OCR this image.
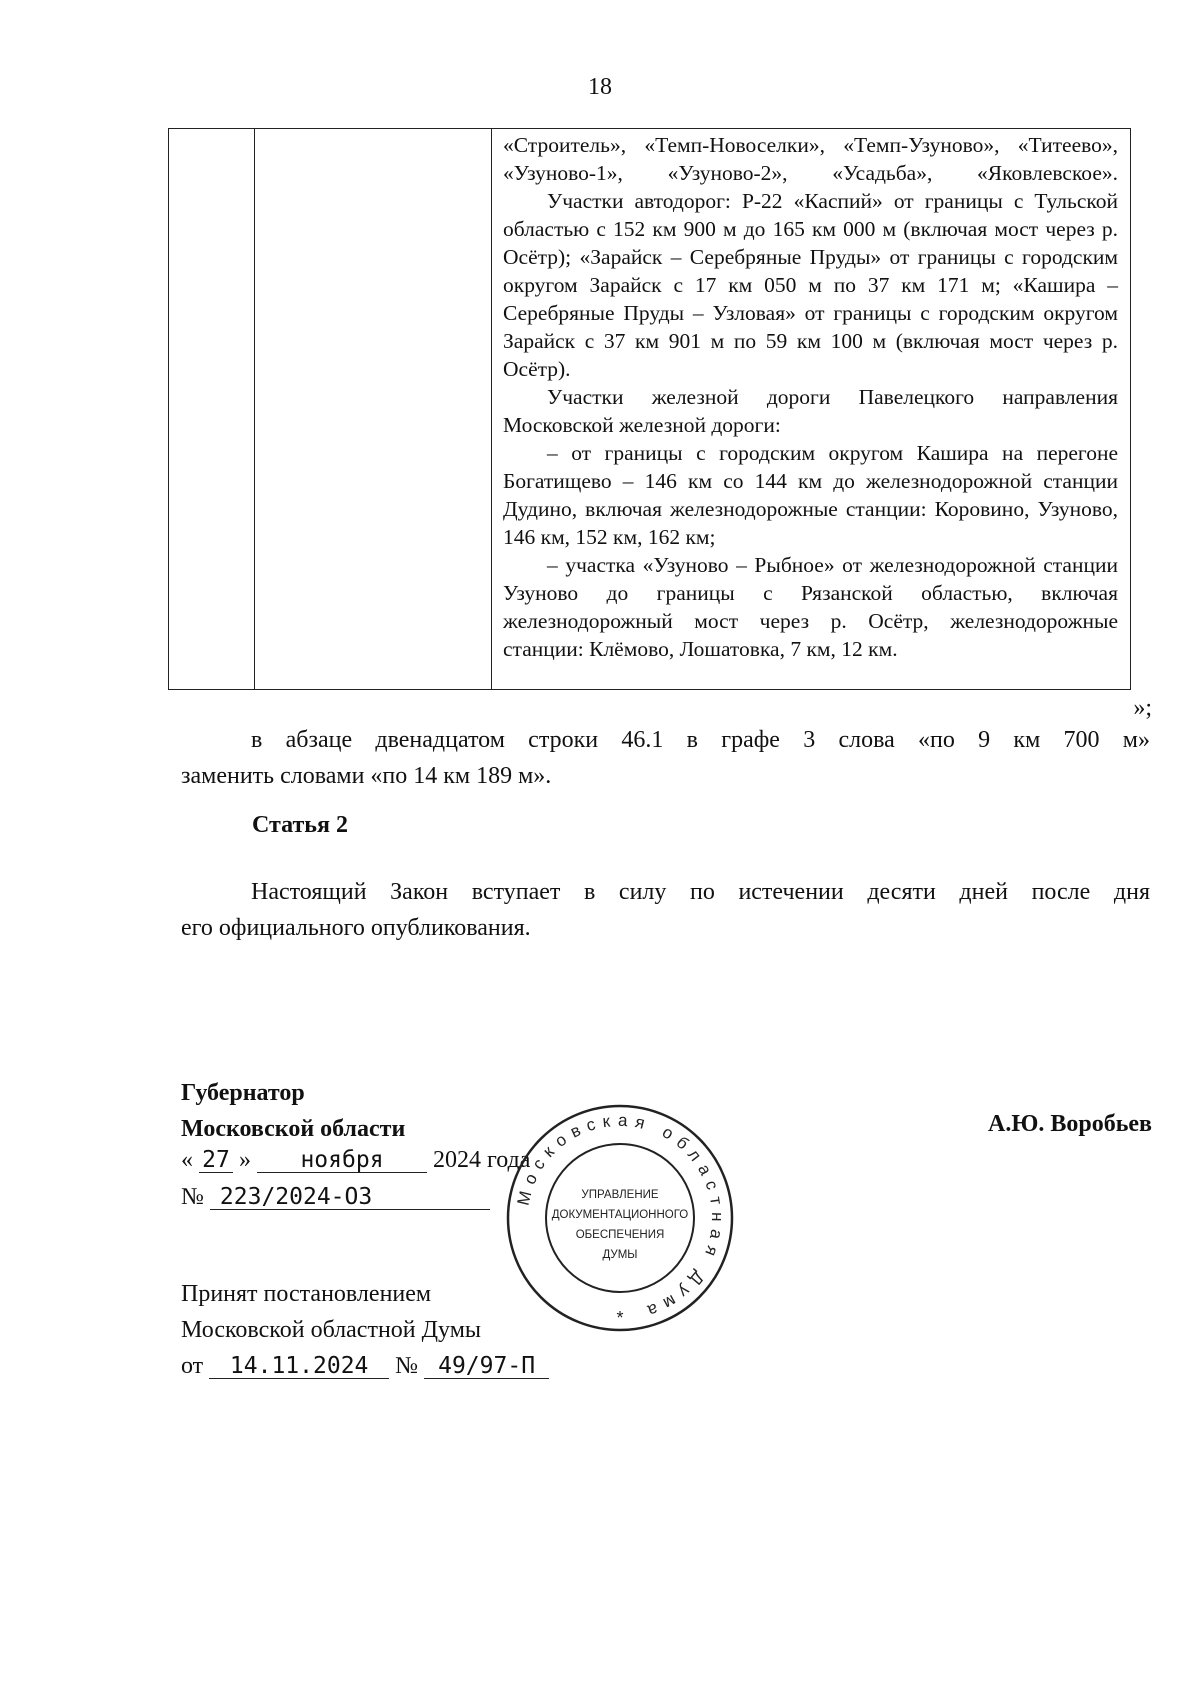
18

«Строитель», «Темп-Новоселки», «Темп-Узуново», «Титеево», «Узуново-1», «Узуново-2», «Усадьба», «Яковлевское».

Участки автодорог: Р-22 «Каспий» от границы с Тульской областью с 152 км 900 м до 165 км 000 м (включая мост через р. Осётр); «Зарайск – Серебряные Пруды» от границы с городским округом Зарайск с 17 км 050 м по 37 км 171 м; «Кашира – Серебряные Пруды – Узловая» от границы с городским округом Зарайск с 37 км 901 м по 59 км 100 м (включая мост через р. Осётр).

Участки железной дороги Павелецкого направления Московской железной дороги:

– от границы с городским округом Кашира на перегоне Богатищево – 146 км со 144 км до железнодорожной станции Дудино, включая железнодорожные станции: Коровино, Узуново, 146 км, 152 км, 162 км;

– участка «Узуново – Рыбное» от железнодорожной станции Узуново до границы с Рязанской областью, включая железнодорожный мост через р. Осётр, железнодорожные станции: Клёмово, Лошатовка, 7 км, 12 км.

»;

в абзаце двенадцатом строки 46.1 в графе 3 слова «по 9 км 700 м»
заменить словами «по 14 км 189 м».

Статья 2

Настоящий Закон вступает в силу по истечении десяти дней после дня
его официального опубликования.

Губернатор
Московской области	А.Ю. Воробьев
« 27 » ноября 2024 года
№ 223/2024-ОЗ
Принят постановлением
Московской областной Думы
от 14.11.2024 № 49/97-П
Московская областная Дума
УПРАВЛЕНИЕ
ДОКУМЕНТАЦИОННОГО
ОБЕСПЕЧЕНИЯ
ДУМЫ
*
